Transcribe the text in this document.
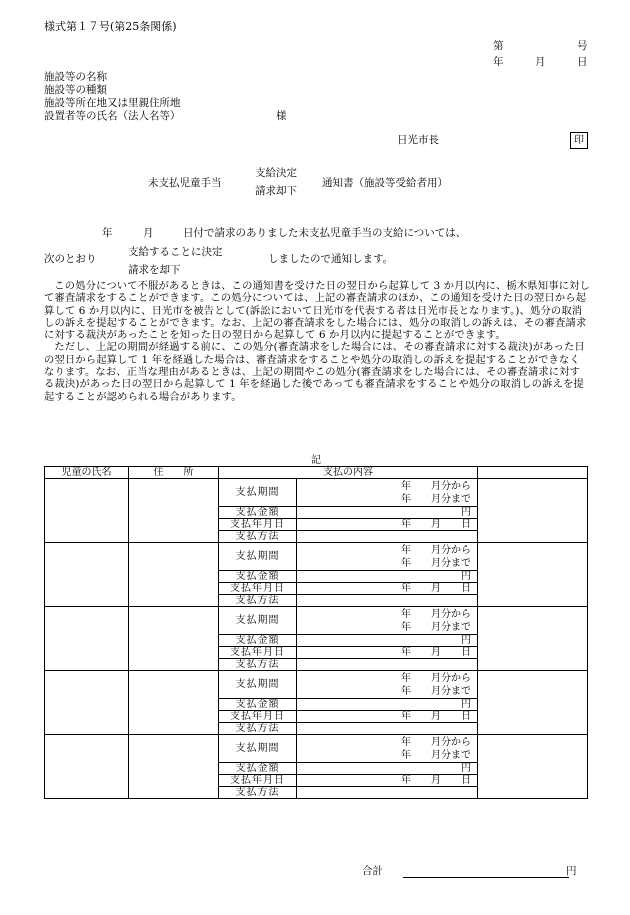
様式第１７号(第25条関係)
第	号
年	月	日
施設等の名称
施設等の種類
施設等所在地又は里親住所地
設置者等の氏名（法人名等）	様
日光市長	印
未支払児童手当
支給決定
請求却下
通知書（施設等受給者用）
年	月	日付で請求のありました未支払児童手当の支給については、
次のとおり
支給することに決定
請求を却下
しましたので通知します。

この処分について不服があるときは、この通知書を受けた日の翌日から起算して 3 か月以内に、栃木県知事に対して審査請求をすることができます。この処分については、上記の審査請求のほか、この通知を受けた日の翌日から起算して 6 か月以内に、日光市を被告として(訴訟において日光市を代表する者は日光市長となります。)、処分の取消しの訴えを提起することができます。なお、上記の審査請求をした場合には、処分の取消しの訴えは、その審査請求に対する裁決があったことを知った日の翌日から起算して 6 か月以内に提起することができます。

ただし、上記の期間が経過する前に、この処分(審査請求をした場合には、その審査請求に対する裁決)があった日の翌日から起算して 1 年を経過した場合は、審査請求をすることや処分の取消しの訴えを提起することができなくなります。なお、正当な理由があるときは、上記の期間やこの処分(審査請求をした場合には、その審査請求に対する裁決)があった日の翌日から起算して 1 年を経過した後であっても審査請求をすることや処分の取消しの訴えを提起することが認められる場合があります。

記
児童の氏名	住　　所	支払の内容		
		支払期間	年　　月分から
年　　月分まで	
		支払金額	円	
		支払年月日	年　　月　　日	
		支払方法		
		支払期間	年　　月分から
年　　月分まで	
		支払金額	円	
		支払年月日	年　　月　　日	
		支払方法		
		支払期間	年　　月分から
年　　月分まで	
		支払金額	円	
		支払年月日	年　　月　　日	
		支払方法		
		支払期間	年　　月分から
年　　月分まで	
		支払金額	円	
		支払年月日	年　　月　　日	
		支払方法		
		支払期間	年　　月分から
年　　月分まで	
		支払金額	円	
		支払年月日	年　　月　　日	
		支払方法		
合計	円
